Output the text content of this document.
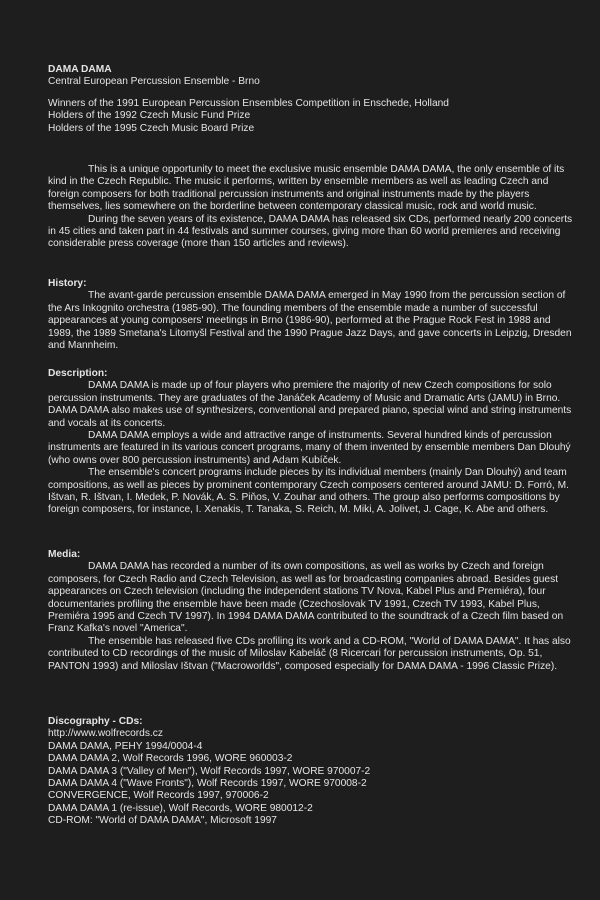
DAMA DAMA
Central European Percussion Ensemble - Brno
Winners of the 1991 European Percussion Ensembles Competition in Enschede, Holland
Holders of the 1992 Czech Music Fund Prize
Holders of the 1995 Czech Music Board Prize

This is a unique opportunity to meet the exclusive music ensemble DAMA DAMA, the only ensemble of its kind in the Czech Republic. The music it performs, written by ensemble members as well as leading Czech and foreign composers for both traditional percussion instruments and original instruments made by the players themselves, lies somewhere on the borderline between contemporary classical music, rock and world music.

During the seven years of its existence, DAMA DAMA has released six CDs, performed nearly 200 concerts in 45 cities and taken part in 44 festivals and summer courses, giving more than 60 world premieres and receiving considerable press coverage (more than 150 articles and reviews).

History:

The avant-garde percussion ensemble DAMA DAMA emerged in May 1990 from the percussion section of the Ars Inkognito orchestra (1985-90). The founding members of the ensemble made a number of successful appearances at young composers' meetings in Brno (1986-90), performed at the Prague Rock Fest in 1988 and 1989, the 1989 Smetana's Litomyšl Festival and the 1990 Prague Jazz Days, and gave concerts in Leipzig, Dresden and Mannheim.

Description:

DAMA DAMA is made up of four players who premiere the majority of new Czech compositions for solo percussion instruments. They are graduates of the Janáček Academy of Music and Dramatic Arts (JAMU) in Brno. DAMA DAMA also makes use of synthesizers, conventional and prepared piano, special wind and string instruments and vocals at its concerts.

DAMA DAMA employs a wide and attractive range of instruments. Several hundred kinds of percussion instruments are featured in its various concert programs, many of them invented by ensemble members Dan Dlouhý (who owns over 800 percussion instruments) and Adam Kubíček.

The ensemble's concert programs include pieces by its individual members (mainly Dan Dlouhý) and team compositions, as well as pieces by prominent contemporary Czech composers centered around JAMU: D. Forró, M. Ištvan, R. Ištvan, I. Medek, P. Novák, A. S. Piňos, V. Zouhar and others. The group also performs compositions by foreign composers, for instance, I. Xenakis, T. Tanaka, S. Reich, M. Miki, A. Jolivet, J. Cage, K. Abe and others.

Media:

DAMA DAMA has recorded a number of its own compositions, as well as works by Czech and foreign composers, for Czech Radio and Czech Television, as well as for broadcasting companies abroad. Besides guest appearances on Czech television (including the independent stations TV Nova, Kabel Plus and Premiéra), four documentaries profiling the ensemble have been made (Czechoslovak TV 1991, Czech TV 1993, Kabel Plus, Premiéra 1995 and Czech TV 1997). In 1994 DAMA DAMA contributed to the soundtrack of a Czech film based on Franz Kafka's novel "America".

The ensemble has released five CDs profiling its work and a CD-ROM, "World of DAMA DAMA". It has also contributed to CD recordings of the music of Miloslav Kabeláč (8 Ricercari for percussion instruments, Op. 51, PANTON 1993) and Miloslav Ištvan ("Macroworlds", composed especially for DAMA DAMA - 1996 Classic Prize).

Discography - CDs:
http://www.wolfrecords.cz
DAMA DAMA, PEHY 1994/0004-4
DAMA DAMA 2, Wolf Records 1996, WORE 960003-2
DAMA DAMA 3 ("Valley of Men"), Wolf Records 1997, WORE 970007-2
DAMA DAMA 4 ("Wave Fronts"), Wolf Records 1997, WORE 970008-2
CONVERGENCE, Wolf Records 1997, 970006-2
DAMA DAMA 1 (re-issue), Wolf Records, WORE 980012-2
CD-ROM: "World of DAMA DAMA", Microsoft 1997
